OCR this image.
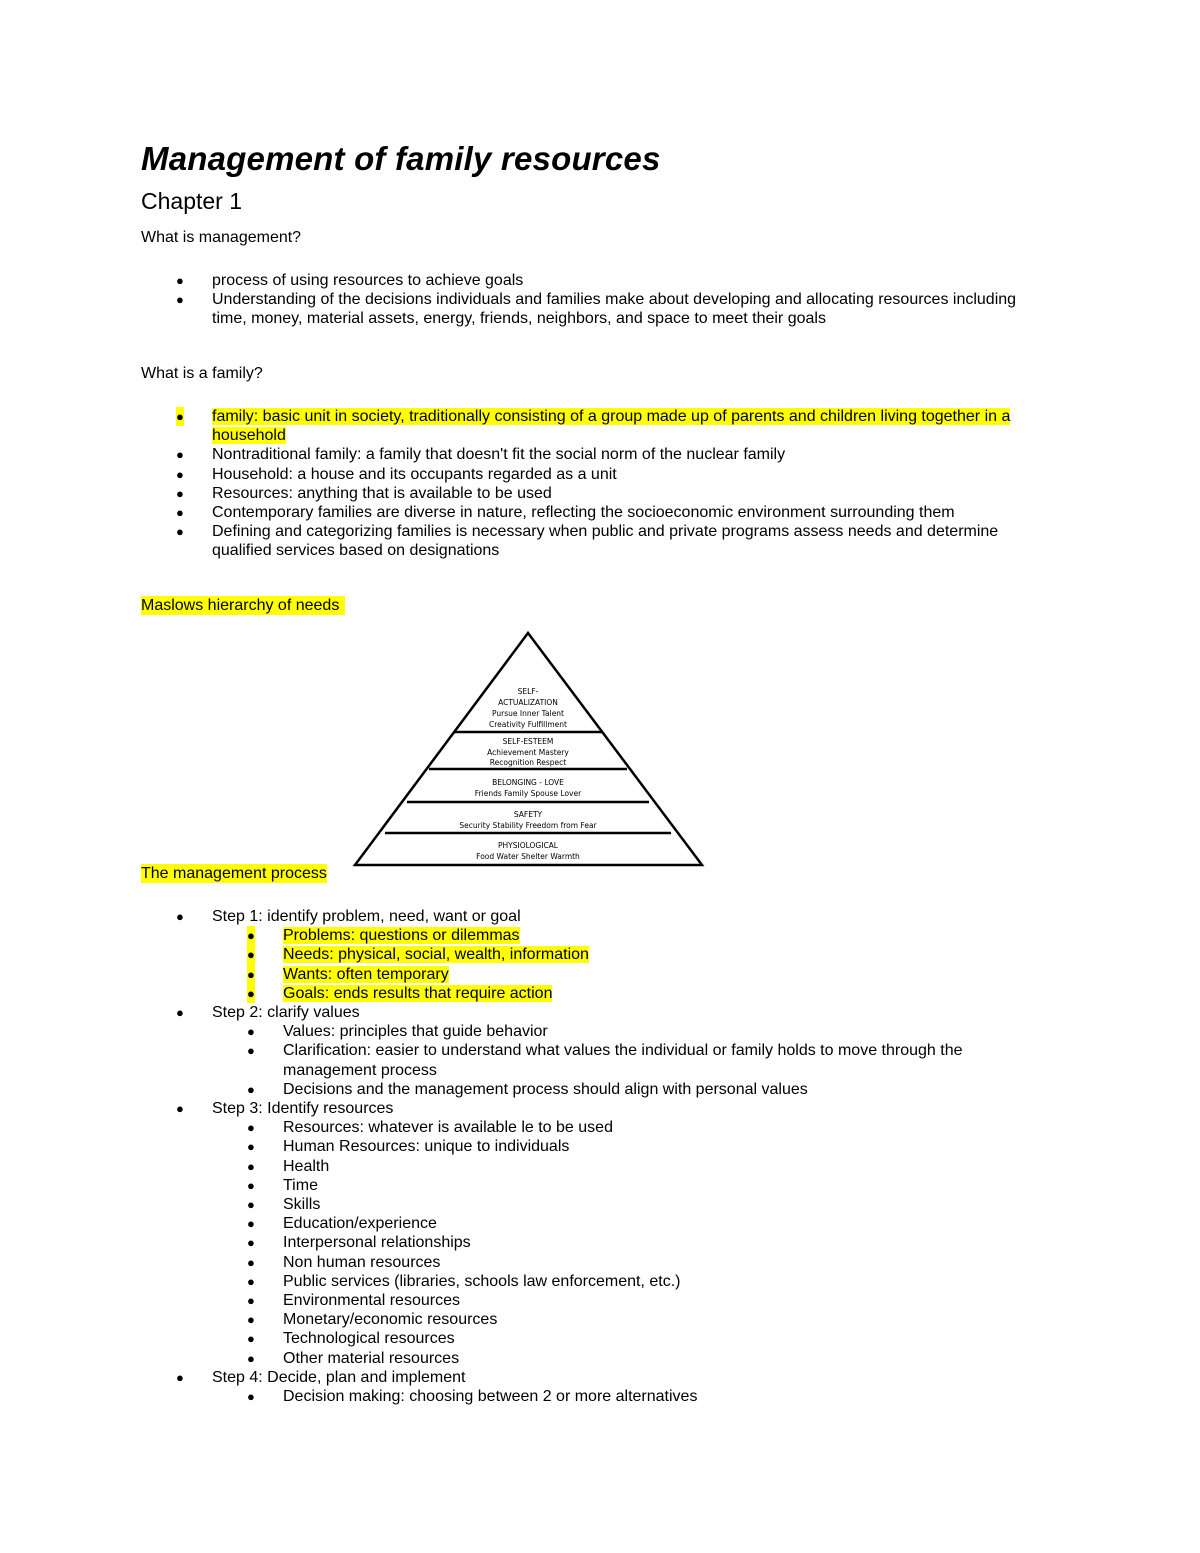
Management of family resources
Chapter 1

What is management?

● process of using resources to achieve goals
● Understanding of the decisions individuals and families make about developing and allocating resources including
time, money, material assets, energy, friends, neighbors, and space to meet their goals

What is a family?

● family: basic unit in society, traditionally consisting of a group made up of parents and children living together in a
household
● Nontraditional family: a family that doesn't fit the social norm of the nuclear family
● Household: a house and its occupants regarded as a unit
● Resources: anything that is available to be used
● Contemporary families are diverse in nature, reflecting the socioeconomic environment surrounding them
● Defining and categorizing families is necessary when public and private programs assess needs and determine
qualified services based on designations
Maslows hierarchy of needs
SELF-
ACTUALIZATION
Pursue Inner Talent
Creativity Fulfillment
SELF-ESTEEM
Achievement Mastery
Recognition Respect
BELONGING - LOVE
Friends Family Spouse Lover
SAFETY
Security Stability Freedom from Fear
PHYSIOLOGICAL
Food Water Shelter Warmth
The management process
● Step 1: identify problem, need, want or goal
● Problems: questions or dilemmas
● Needs: physical, social, wealth, information
● Wants: often temporary
● Goals: ends results that require action
● Step 2: clarify values
● Values: principles that guide behavior
● Clarification: easier to understand what values the individual or family holds to move through the
management process
● Decisions and the management process should align with personal values
● Step 3: Identify resources
● Resources: whatever is available le to be used
● Human Resources: unique to individuals
● Health
● Time
● Skills
● Education/experience
● Interpersonal relationships
● Non human resources
● Public services (libraries, schools law enforcement, etc.)
● Environmental resources
● Monetary/economic resources
● Technological resources
● Other material resources
● Step 4: Decide, plan and implement
● Decision making: choosing between 2 or more alternatives
